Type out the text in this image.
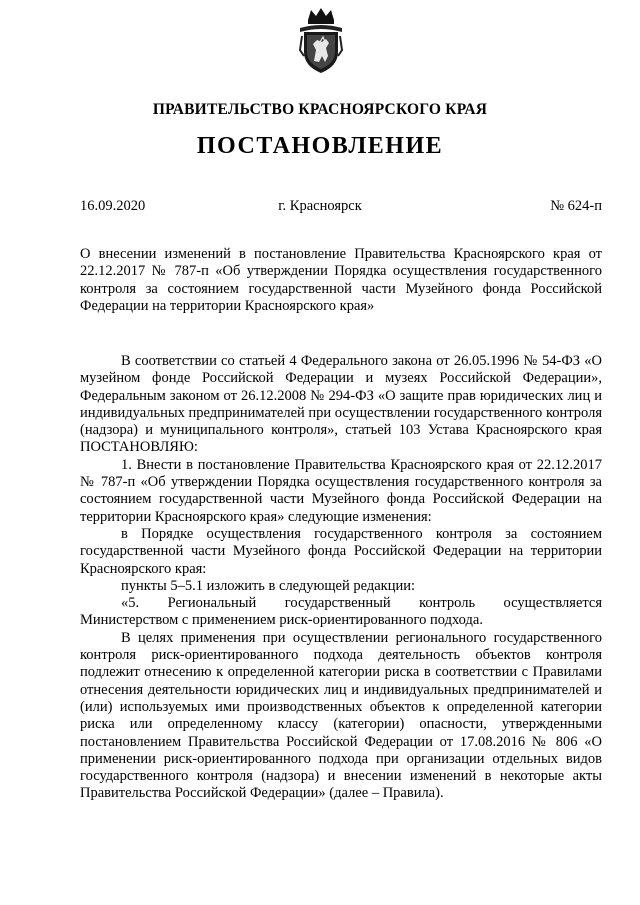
ПРАВИТЕЛЬСТВО КРАСНОЯРСКОГО КРАЯ
ПОСТАНОВЛЕНИЕ
16.09.2020	г. Красноярск	№ 624-п
О внесении изменений в постановление Правительства Красноярского края от 22.12.2017 № 787-п «Об утверждении Порядка осуществления государственного контроля за состоянием государственной части Музейного фонда Российской Федерации на территории Красноярского края»

В соответствии со статьей 4 Федерального закона от 26.05.1996 № 54-ФЗ «О музейном фонде Российской Федерации и музеях Российской Федерации», Федеральным законом от 26.12.2008 № 294-ФЗ «О защите прав юридических лиц и индивидуальных предпринимателей при осуществлении государственного контроля (надзора) и муниципального контроля», статьей 103 Устава Красноярского края ПОСТАНОВЛЯЮ:

1. Внести в постановление Правительства Красноярского края от 22.12.2017 № 787-п «Об утверждении Порядка осуществления государственного контроля за состоянием государственной части Музейного фонда Российской Федерации на территории Красноярского края» следующие изменения:

в Порядке осуществления государственного контроля за состоянием государственной части Музейного фонда Российской Федерации на территории Красноярского края:

пункты 5–5.1 изложить в следующей редакции:

«5. Региональный государственный контроль осуществляется Министерством с применением риск-ориентированного подхода.

В целях применения при осуществлении регионального государственного контроля риск-ориентированного подхода деятельность объектов контроля подлежит отнесению к определенной категории риска в соответствии с Правилами отнесения деятельности юридических лиц и индивидуальных предпринимателей и (или) используемых ими производственных объектов к определенной категории риска или определенному классу (категории) опасности, утвержденными постановлением Правительства Российской Федерации от 17.08.2016 № 806 «О применении риск-ориентированного подхода при организации отдельных видов государственного контроля (надзора) и внесении изменений в некоторые акты Правительства Российской Федерации» (далее – Правила).
